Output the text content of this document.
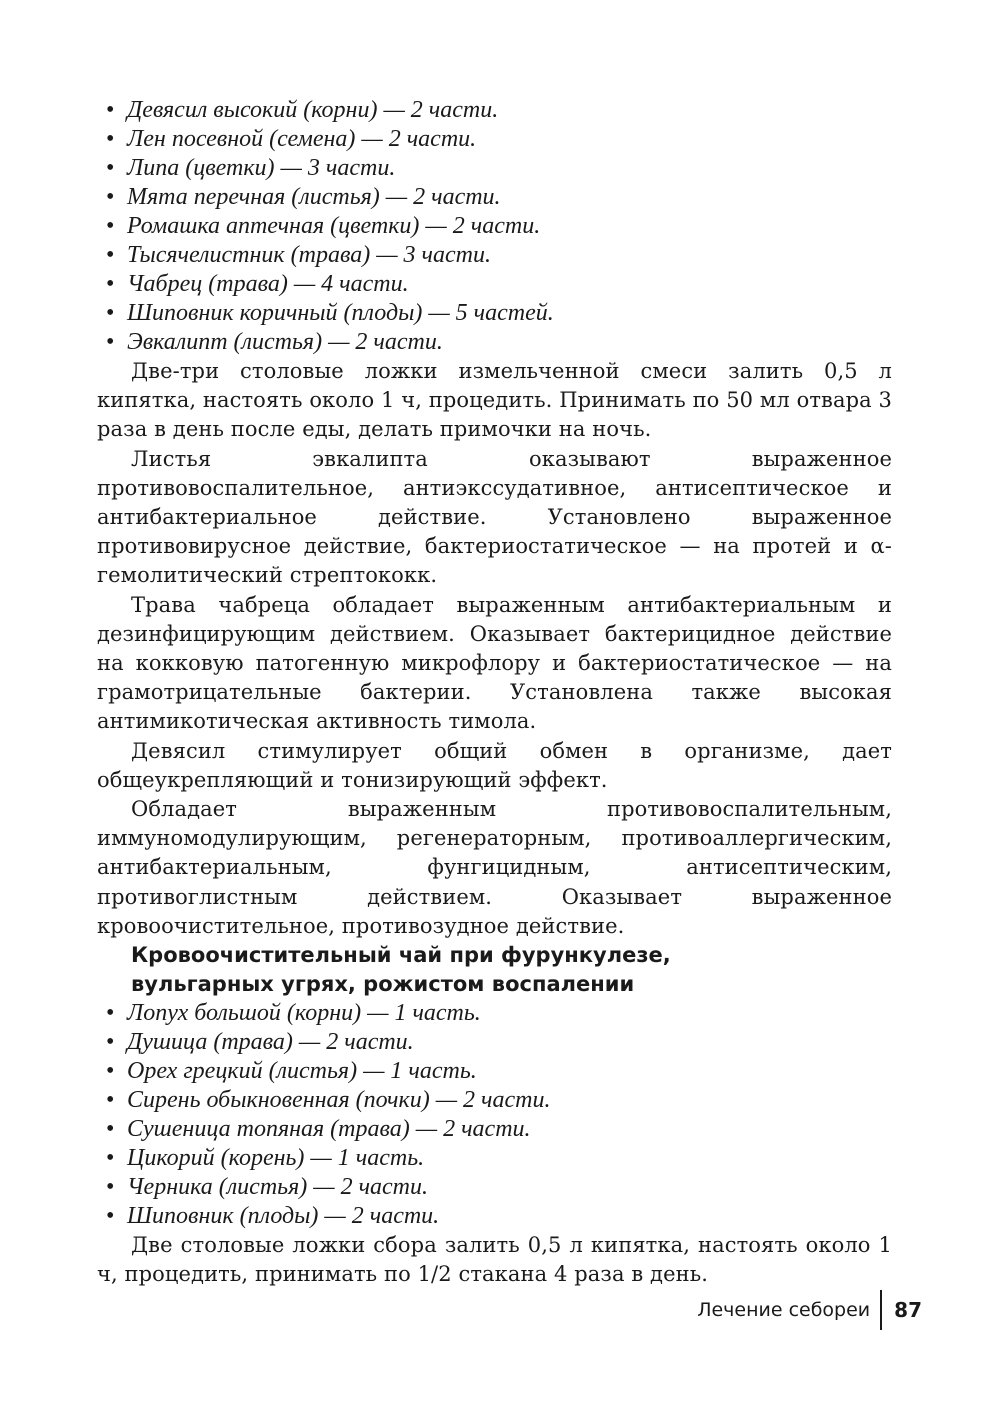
• Девясил высокий (корни) — 2 части.
• Лен посевной (семена) — 2 части.
• Липа (цветки) — 3 части.
• Мята перечная (листья) — 2 части.
• Ромашка аптечная (цветки) — 2 части.
• Тысячелистник (трава) — 3 части.
• Чабрец (трава) — 4 части.
• Шиповник коричный (плоды) — 5 частей.
• Эвкалипт (листья) — 2 части.

Две-три столовые ложки измельченной смеси залить 0,5 л кипятка, настоять около 1 ч, процедить. Принимать по 50 мл отвара 3 раза в день после еды, делать примочки на ночь.

Листья эвкалипта оказывают выраженное противовоспалительное, антиэкссудативное, антисептическое и антибактериальное действие. Установлено выраженное противовирусное действие, бактериостатическое — на протей и α-гемолитический стрептококк.

Трава чабреца обладает выраженным антибактериальным и дезинфицирующим действием. Оказывает бактерицидное действие на кокковую патогенную микрофлору и бактериостатическое — на грамотрицательные бактерии. Установлена также высокая антимикотическая активность тимола.

Девясил стимулирует общий обмен в организме, дает общеукрепляющий и тонизирующий эффект.

Обладает выраженным противовоспалительным, иммуномодулирующим, регенераторным, противоаллергическим, антибактериальным, фунгицидным, антисептическим, противоглистным действием. Оказывает выраженное кровоочистительное, противозудное действие.

Кровоочистительный чай при фурункулезе,
вульгарных угрях, рожистом воспалении
• Лопух большой (корни) — 1 часть.
• Душица (трава) — 2 части.
• Орех грецкий (листья) — 1 часть.
• Сирень обыкновенная (почки) — 2 части.
• Сушеница топяная (трава) — 2 части.
• Цикорий (корень) — 1 часть.
• Черника (листья) — 2 части.
• Шиповник (плоды) — 2 части.

Две столовые ложки сбора залить 0,5 л кипятка, настоять около 1 ч, процедить, принимать по 1/2 стакана 4 раза в день.

Лечение себореи	87
